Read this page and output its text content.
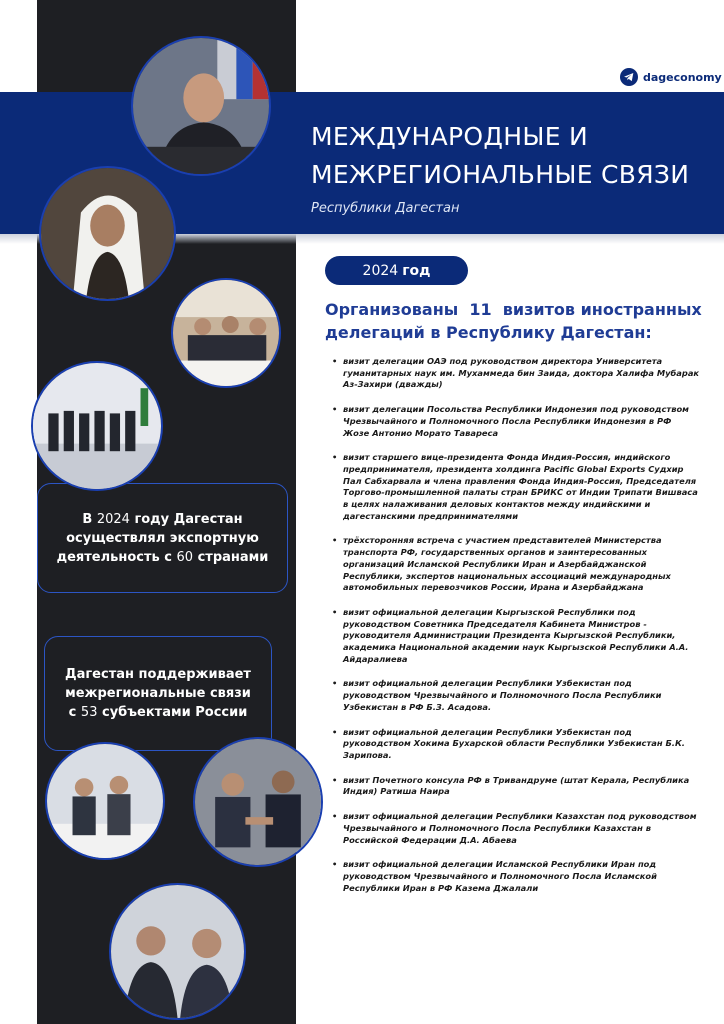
dageconomy
МЕЖДУНАРОДНЫЕ И
МЕЖРЕГИОНАЛЬНЫЕ СВЯЗИ
Республики Дагестан
2024 год
Организованы 11 визитов иностранных
делегаций в Республику Дагестан:
• визит делегации ОАЭ под руководством директора Университета гуманитарных наук им. Мухаммеда бин Заида, доктора Халифа Мубарак Аз-Захири (дважды)
• визит делегации Посольства Республики Индонезия под руководством Чрезвычайного и Полномочного Посла Республики Индонезия в РФ Жозе Антонио Морато Тавареса
• визит старшего вице-президента Фонда Индия-Россия, индийского предпринимателя, президента холдинга Pacific Global Exports Судхир Пал Сабхарвала и члена правления Фонда Индия-Россия, Председателя Торгово-промышленной палаты стран БРИКС от Индии Трипати Вишваса в целях налаживания деловых контактов между индийскими и дагестанскими предпринимателями
• трёхсторонняя встреча с участием представителей Министерства транспорта РФ, государственных органов и заинтересованных организаций Исламской Республики Иран и Азербайджанской Республики, экспертов национальных ассоциаций международных автомобильных перевозчиков России, Ирана и Азербайджана
• визит официальной делегации Кыргызской Республики под руководством Советника Председателя Кабинета Министров - руководителя Администрации Президента Кыргызской Республики, академика Национальной академии наук Кыргызской Республики А.А. Айдаралиева
• визит официальной делегации Республики Узбекистан под руководством Чрезвычайного и Полномочного Посла Республики Узбекистан в РФ Б.З. Асадова.
• визит официальной делегации Республики Узбекистан под руководством Хокима Бухарской области Республики Узбекистан Б.К. Зарипова.
• визит Почетного консула РФ в Тривандруме (штат Керала, Республика Индия) Ратиша Наира
• визит официальной делегации Республики Казахстан под руководством Чрезвычайного и Полномочного Посла Республики Казахстан в Российской Федерации Д.А. Абаева
• визит официальной делегации Исламской Республики Иран под руководством Чрезвычайного и Полномочного Посла Исламской Республики Иран в РФ Казема Джалали
В 2024 году Дагестан осуществлял экспортную деятельность с 60 странами
Дагестан поддерживает межрегиональные связи с 53 субъектами России
